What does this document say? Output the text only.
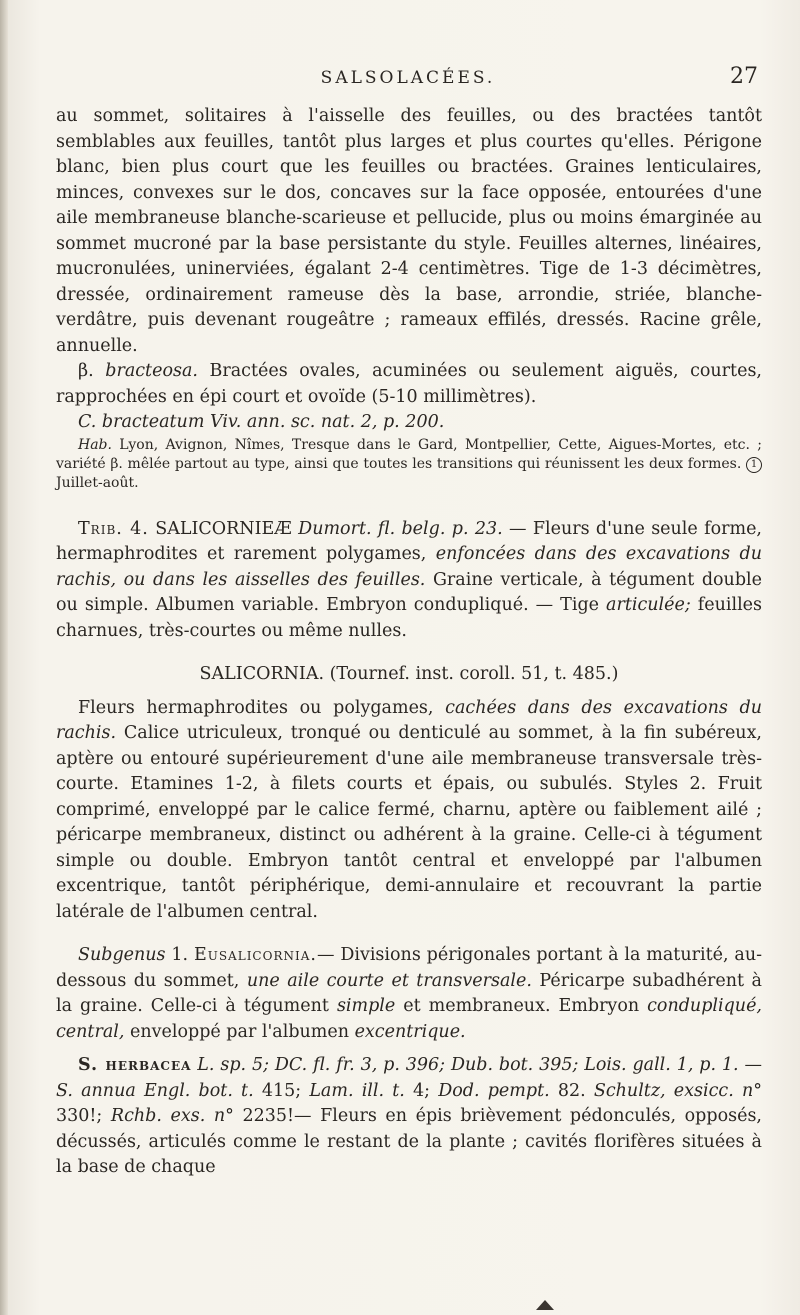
SALSOLACÉES.	27

au sommet, solitaires à l'aisselle des feuilles, ou des bractées tantôt semblables aux feuilles, tantôt plus larges et plus courtes qu'elles. Périgone blanc, bien plus court que les feuilles ou bractées. Graines lenticulaires, minces, convexes sur le dos, concaves sur la face opposée, entourées d'une aile membraneuse blanche-scarieuse et pellucide, plus ou moins émarginée au sommet mucroné par la base persistante du style. Feuilles alternes, linéaires, mucronulées, uninerviées, égalant 2-4 centimètres. Tige de 1-3 décimètres, dressée, ordinairement rameuse dès la base, arrondie, striée, blanche-verdâtre, puis devenant rougeâtre ; rameaux effilés, dressés. Racine grêle, annuelle.

β. bracteosa. Bractées ovales, acuminées ou seulement aiguës, courtes, rapprochées en épi court et ovoïde (5-10 millimètres).

C. bracteatum Viv. ann. sc. nat. 2, p. 200.

Hab. Lyon, Avignon, Nîmes, Tresque dans le Gard, Montpellier, Cette, Aigues-Mortes, etc. ; variété β. mêlée partout au type, ainsi que toutes les transitions qui réunissent les deux formes. 1 Juillet-août.

Trib. 4. SALICORNIEÆ Dumort. fl. belg. p. 23. — Fleurs d'une seule forme, hermaphrodites et rarement polygames, enfoncées dans des excavations du rachis, ou dans les aisselles des feuilles. Graine verticale, à tégument double ou simple. Albumen variable. Embryon condupliqué. — Tige articulée; feuilles charnues, très-courtes ou même nulles.

SALICORNIA. (Tournef. inst. coroll. 51, t. 485.)

Fleurs hermaphrodites ou polygames, cachées dans des excavations du rachis. Calice utriculeux, tronqué ou denticulé au sommet, à la fin subéreux, aptère ou entouré supérieurement d'une aile membraneuse transversale très-courte. Etamines 1-2, à filets courts et épais, ou subulés. Styles 2. Fruit comprimé, enveloppé par le calice fermé, charnu, aptère ou faiblement ailé ; péricarpe membraneux, distinct ou adhérent à la graine. Celle-ci à tégument simple ou double. Embryon tantôt central et enveloppé par l'albumen excentrique, tantôt périphérique, demi-annulaire et recouvrant la partie latérale de l'albumen central.

Subgenus 1. Eusalicornia.— Divisions périgonales portant à la maturité, au-dessous du sommet, une aile courte et transversale. Péricarpe subadhérent à la graine. Celle-ci à tégument simple et membraneux. Embryon condupliqué, central, enveloppé par l'albumen excentrique.

S. herbacea L. sp. 5; DC. fl. fr. 3, p. 396; Dub. bot. 395; Lois. gall. 1, p. 1. — S. annua Engl. bot. t. 415; Lam. ill. t. 4; Dod. pempt. 82. Schultz, exsicc. n° 330!; Rchb. exs. n° 2235!— Fleurs en épis brièvement pédonculés, opposés, décussés, articulés comme le restant de la plante ; cavités florifères situées à la base de chaque
